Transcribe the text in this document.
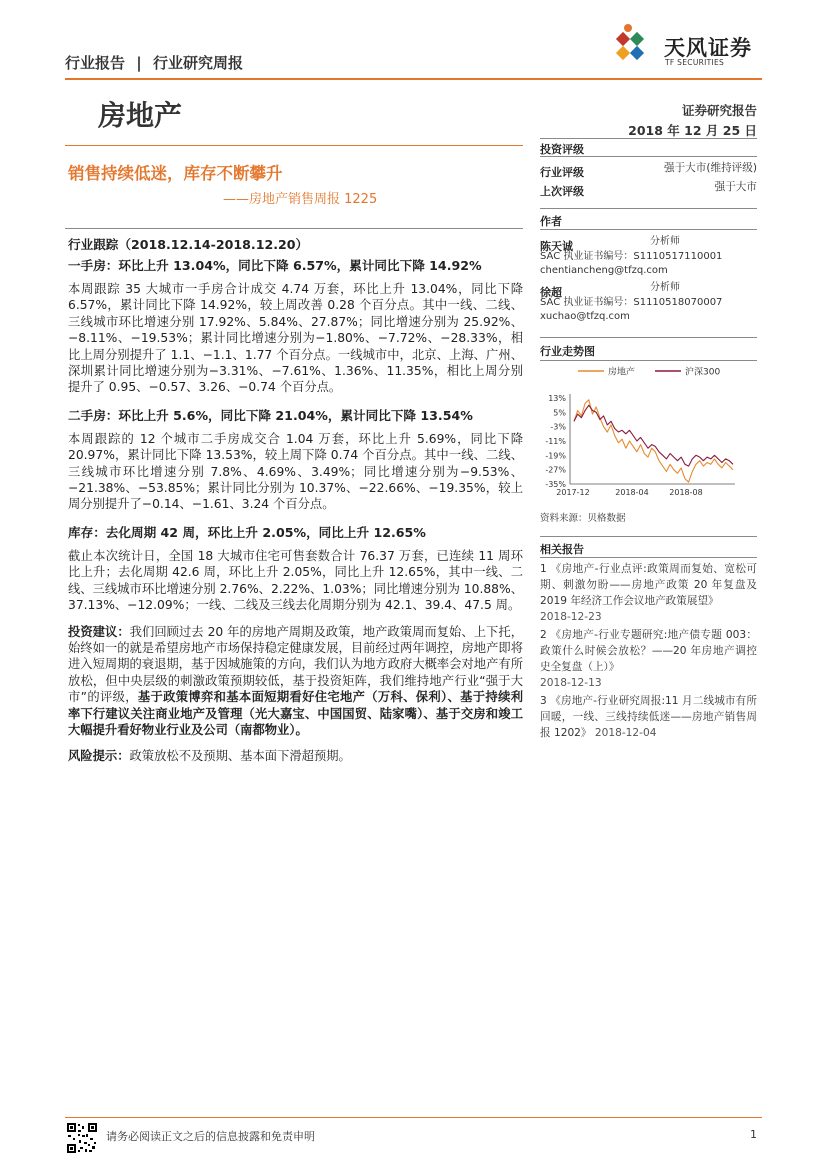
行业报告 | 行业研究周报
天风证券
TF SECURITIES
房地产	证券研究报告
2018 年 12 月 25 日
销售持续低迷，库存不断攀升
——房地产销售周报 1225
行业跟踪（2018.12.14-2018.12.20）
一手房：环比上升 13.04%，同比下降 6.57%，累计同比下降 14.92%
本周跟踪 35 大城市一手房合计成交 4.74 万套，环比上升 13.04%，同比下降 6.57%，累计同比下降 14.92%，较上周改善 0.28 个百分点。其中一线、二线、三线城市环比增速分别 17.92%、5.84%、27.87%；同比增速分别为 25.92%、−8.11%、−19.53%；累计同比增速分别为−1.80%、−7.72%、−28.33%，相比上周分别提升了 1.1、−1.1、1.77 个百分点。一线城市中，北京、上海、广州、深圳累计同比增速分别为−3.31%、−7.61%、1.36%、11.35%，相比上周分别提升了 0.95、−0.57、3.26、−0.74 个百分点。
二手房：环比上升 5.6%，同比下降 21.04%，累计同比下降 13.54%
本周跟踪的 12 个城市二手房成交合 1.04 万套，环比上升 5.69%，同比下降 20.97%，累计同比下降 13.53%，较上周下降 0.74 个百分点。其中一线、二线、三线城市环比增速分别 7.8%、4.69%、3.49%；同比增速分别为−9.53%、−21.38%、−53.85%；累计同比分别为 10.37%、−22.66%、−19.35%，较上周分别提升了−0.14、−1.61、3.24 个百分点。
库存：去化周期 42 周，环比上升 2.05%，同比上升 12.65%
截止本次统计日，全国 18 大城市住宅可售套数合计 76.37 万套，已连续 11 周环比上升；去化周期 42.6 周，环比上升 2.05%，同比上升 12.65%，其中一线、二线、三线城市环比增速分别 2.76%、2.22%、1.03%；同比增速分别为 10.88%、37.13%、−12.09%；一线、二线及三线去化周期分别为 42.1、39.4、47.5 周。
投资建议：我们回顾过去 20 年的房地产周期及政策，地产政策周而复始、上下托，始终如一的就是希望房地产市场保持稳定健康发展，目前经过两年调控，房地产即将进入短周期的衰退期，基于因城施策的方向，我们认为地方政府大概率会对地产有所放松，但中央层级的刺激政策预期较低，基于投资矩阵，我们维持地产行业“强于大市”的评级，基于政策博弈和基本面短期看好住宅地产（万科、保利）、基于持续利率下行建议关注商业地产及管理（光大嘉宝、中国国贸、陆家嘴）、基于交房和竣工大幅提升看好物业行业及公司（南都物业）。
风险提示：政策放松不及预期、基本面下滑超预期。
投资评级
行业评级	强于大市(维持评级)
上次评级	强于大市
作者
陈天诚	分析师
SAC 执业证书编号：S1110517110001
chentiancheng@tfzq.com
徐超	分析师
SAC 执业证书编号：S1110518070007
xuchao@tfzq.com
行业走势图
房地产	沪深300
13%
5%
-3%
-11%
-19%
-27%
-35%
2017-12	2018-04	2018-08
资料来源：贝格数据
相关报告
1 《房地产-行业点评:政策周而复始、宽松可期、刺激勿盼——房地产政策 20 年复盘及 2019 年经济工作会议地产政策展望》
2018-12-23
2 《房地产-行业专题研究:地产债专题 003：政策什么时候会放松？——20 年房地产调控史全复盘（上）》
2018-12-13
3 《房地产-行业研究周报:11 月二线城市有所回暖，一线、三线持续低迷——房地产销售周报 1202》 2018-12-04
请务必阅读正文之后的信息披露和免责申明	1
